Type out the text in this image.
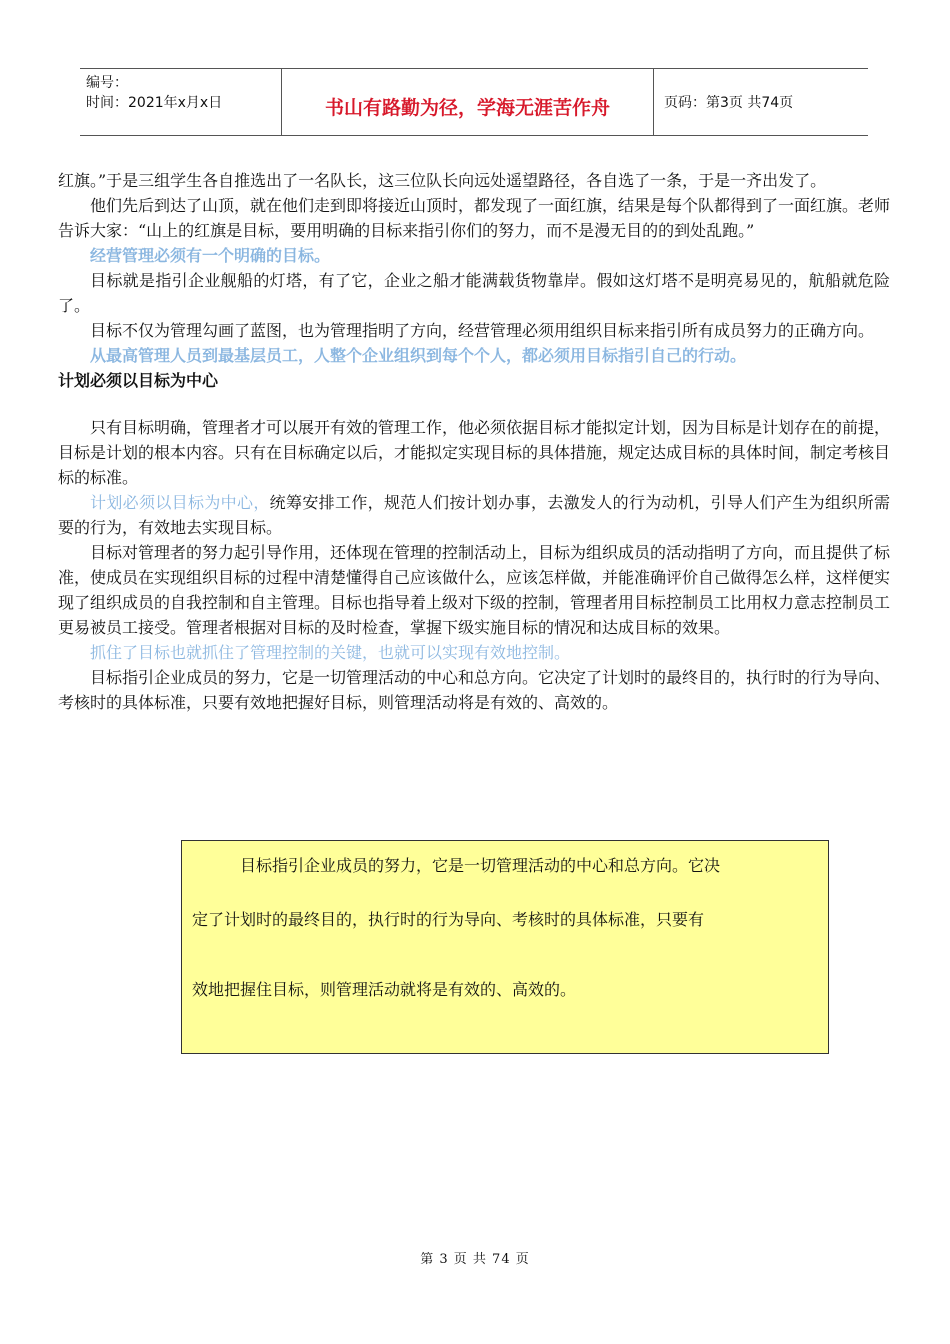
编号：
时间：2021年x月x日	书山有路勤为径，学海无涯苦作舟	页码：第3页 共74页

红旗。”于是三组学生各自推选出了一名队长，这三位队长向远处遥望路径，各自选了一条，于是一齐出发了。

他们先后到达了山顶，就在他们走到即将接近山顶时，都发现了一面红旗，结果是每个队都得到了一面红旗。老师告诉大家：“山上的红旗是目标，要用明确的目标来指引你们的努力，而不是漫无目的的到处乱跑。”

经营管理必须有一个明确的目标。

目标就是指引企业舰船的灯塔，有了它，企业之船才能满载货物靠岸。假如这灯塔不是明亮易见的，航船就危险了。

目标不仅为管理勾画了蓝图，也为管理指明了方向，经营管理必须用组织目标来指引所有成员努力的正确方向。

从最高管理人员到最基层员工，人整个企业组织到每个个人，都必须用目标指引自己的行动。

计划必须以目标为中心

只有目标明确，管理者才可以展开有效的管理工作，他必须依据目标才能拟定计划，因为目标是计划存在的前提，目标是计划的根本内容。只有在目标确定以后，才能拟定实现目标的具体措施，规定达成目标的具体时间，制定考核目标的标准。

计划必须以目标为中心，统筹安排工作，规范人们按计划办事，去激发人的行为动机，引导人们产生为组织所需要的行为，有效地去实现目标。

目标对管理者的努力起引导作用，还体现在管理的控制活动上，目标为组织成员的活动指明了方向，而且提供了标准，使成员在实现组织目标的过程中清楚懂得自己应该做什么，应该怎样做，并能准确评价自己做得怎么样，这样便实现了组织成员的自我控制和自主管理。目标也指导着上级对下级的控制，管理者用目标控制员工比用权力意志控制员工更易被员工接受。管理者根据对目标的及时检查，掌握下级实施目标的情况和达成目标的效果。

抓住了目标也就抓住了管理控制的关键，也就可以实现有效地控制。

目标指引企业成员的努力，它是一切管理活动的中心和总方向。它决定了计划时的最终目的，执行时的行为导向、考核时的具体标准，只要有效地把握好目标，则管理活动将是有效的、高效的。

目标指引企业成员的努力，它是一切管理活动的中心和总方向。它决

定了计划时的最终目的，执行时的行为导向、考核时的具体标准，只要有
效地把握住目标，则管理活动就将是有效的、高效的。
第 3 页 共 74 页
